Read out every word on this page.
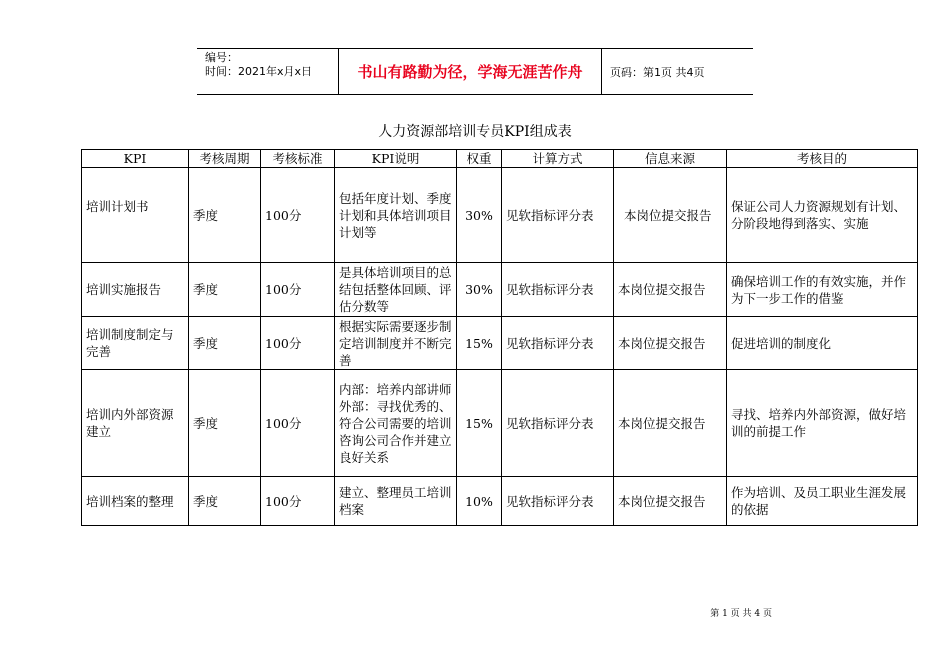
编号：
时间：2021年x月x日	书山有路勤为径，学海无涯苦作舟	页码：第1页 共4页
人力资源部培训专员KPI组成表
KPI	考核周期	考核标准	KPI说明	权重	计算方式	信息来源	考核目的
培训计划书	季度	100分	包括年度计划、季度计划和具体培训项目计划等	30%	见软指标评分表	本岗位提交报告	保证公司人力资源规划有计划、分阶段地得到落实、实施
培训实施报告	季度	100分	是具体培训项目的总结包括整体回顾、评估分数等	30%	见软指标评分表	本岗位提交报告	确保培训工作的有效实施，并作为下一步工作的借鉴
培训制度制定与完善	季度	100分	根据实际需要逐步制定培训制度并不断完善	15%	见软指标评分表	本岗位提交报告	促进培训的制度化
培训内外部资源建立	季度	100分	内部：培养内部讲师外部：寻找优秀的、符合公司需要的培训咨询公司合作并建立良好关系	15%	见软指标评分表	本岗位提交报告	寻找、培养内外部资源，做好培训的前提工作
培训档案的整理	季度	100分	建立、整理员工培训档案	10%	见软指标评分表	本岗位提交报告	作为培训、及员工职业生涯发展的依据
第 1 页 共 4 页
